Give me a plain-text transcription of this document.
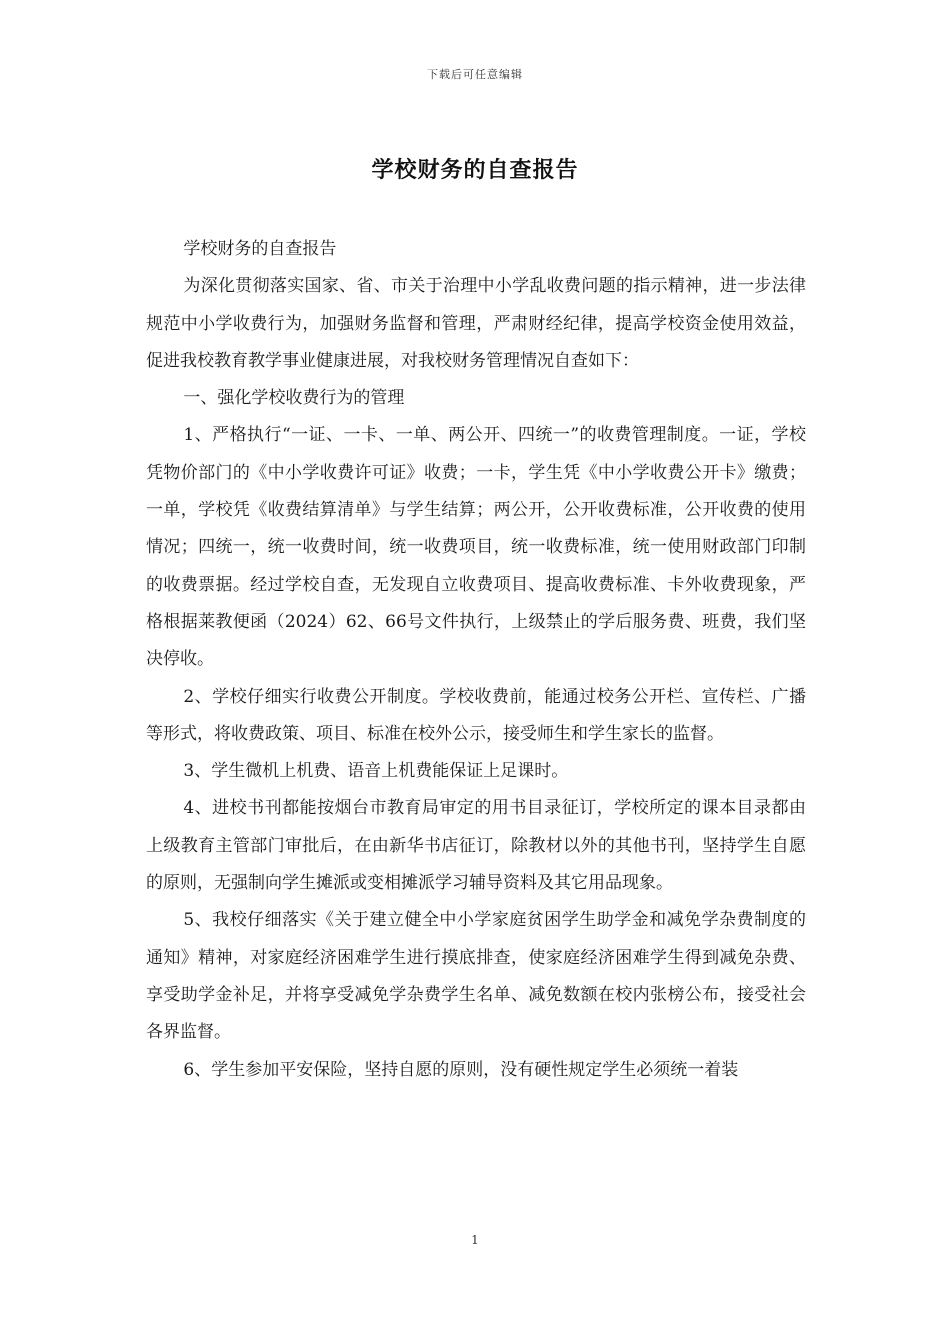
下载后可任意编辑
学校财务的自查报告

学校财务的自查报告

为深化贯彻落实国家、省、市关于治理中小学乱收费问题的指示精神，进一步法律规范中小学收费行为，加强财务监督和管理，严肃财经纪律，提高学校资金使用效益，促进我校教育教学事业健康进展，对我校财务管理情况自查如下：

一、强化学校收费行为的管理

1、严格执行“一证、一卡、一单、两公开、四统一”的收费管理制度。一证，学校凭物价部门的《中小学收费许可证》收费；一卡，学生凭《中小学收费公开卡》缴费；一单，学校凭《收费结算清单》与学生结算；两公开，公开收费标准，公开收费的使用情况；四统一，统一收费时间，统一收费项目，统一收费标准，统一使用财政部门印制的收费票据。经过学校自查，无发现自立收费项目、提高收费标准、卡外收费现象，严格根据莱教便函（2024）62、66号文件执行，上级禁止的学后服务费、班费，我们坚决停收。

2、学校仔细实行收费公开制度。学校收费前，能通过校务公开栏、宣传栏、广播等形式，将收费政策、项目、标准在校外公示，接受师生和学生家长的监督。

3、学生微机上机费、语音上机费能保证上足课时。

4、进校书刊都能按烟台市教育局审定的用书目录征订，学校所定的课本目录都由上级教育主管部门审批后，在由新华书店征订，除教材以外的其他书刊，坚持学生自愿的原则，无强制向学生摊派或变相摊派学习辅导资料及其它用品现象。

5、我校仔细落实《关于建立健全中小学家庭贫困学生助学金和减免学杂费制度的通知》精神，对家庭经济困难学生进行摸底排查，使家庭经济困难学生得到减免杂费、享受助学金补足，并将享受减免学杂费学生名单、减免数额在校内张榜公布，接受社会各界监督。

6、学生参加平安保险，坚持自愿的原则，没有硬性规定学生必须统一着装

1
